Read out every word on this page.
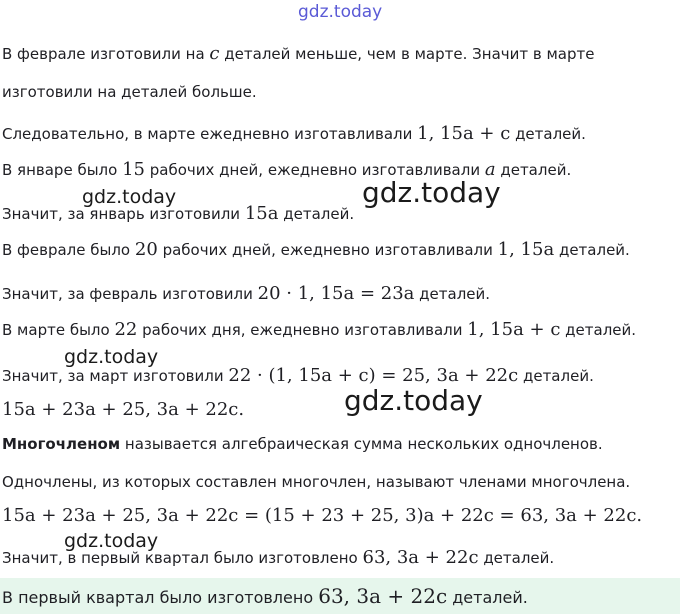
gdz.today
В феврале изготовили на c деталей меньше, чем в марте. Значит в марте
изготовили на деталей больше.
Следовательно, в марте ежедневно изготавливали 1, 15a + c деталей.
В январе было 15 рабочих дней, ежедневно изготавливали a деталей.
Значит, за январь изготовили 15a деталей.
В феврале было 20 рабочих дней, ежедневно изготавливали 1, 15a деталей.
Значит, за февраль изготовили 20 · 1, 15a = 23a деталей.
В марте было 22 рабочих дня, ежедневно изготавливали 1, 15a + c деталей.
Значит, за март изготовили 22 · (1, 15a + c) = 25, 3a + 22c деталей.
15a + 23a + 25, 3a + 22c.
Многочленом называется алгебраическая сумма нескольких одночленов.
Одночлены, из которых составлен многочлен, называют членами многочлена.
15a + 23a + 25, 3a + 22c = (15 + 23 + 25, 3)a + 22c = 63, 3a + 22c.
Значит, в первый квартал было изготовлено 63, 3a + 22c деталей.
В первый квартал было изготовлено 63, 3a + 22c деталей.
gdz.today	gdz.today
gdz.today
gdz.today
gdz.today
